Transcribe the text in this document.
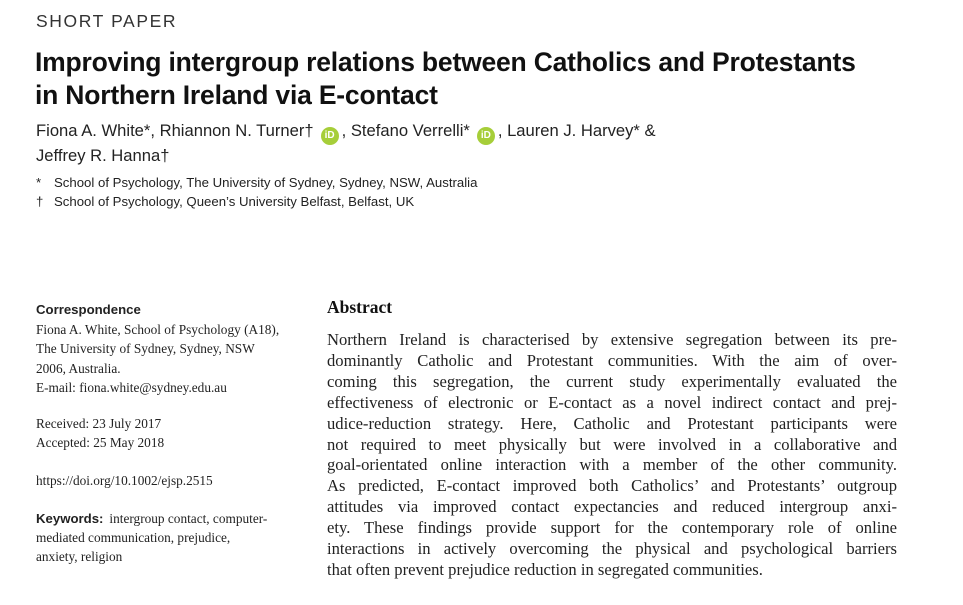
SHORT PAPER
Improving intergroup relations between Catholics and Protestants
in Northern Ireland via E-contact
Fiona A. White*, Rhiannon N. Turner† iD , Stefano Verrelli* iD , Lauren J. Harvey* &
Jeffrey R. Hanna†
* School of Psychology, The University of Sydney, Sydney, NSW, Australia
† School of Psychology, Queen’s University Belfast, Belfast, UK
Correspondence
Fiona A. White, School of Psychology (A18),
The University of Sydney, Sydney, NSW
2006, Australia.
E-mail: fiona.white@sydney.edu.au
Received: 23 July 2017
Accepted: 25 May 2018
https://doi.org/10.1002/ejsp.2515
Keywords: intergroup contact, computer-
mediated communication, prejudice,
anxiety, religion
Abstract
Northern Ireland is characterised by extensive segregation between its pre-
dominantly Catholic and Protestant communities. With the aim of over-
coming this segregation, the current study experimentally evaluated the
effectiveness of electronic or E-contact as a novel indirect contact and prej-
udice-reduction strategy. Here, Catholic and Protestant participants were
not required to meet physically but were involved in a collaborative and
goal-orientated online interaction with a member of the other community.
As predicted, E-contact improved both Catholics’ and Protestants’ outgroup
attitudes via improved contact expectancies and reduced intergroup anxi-
ety. These findings provide support for the contemporary role of online
interactions in actively overcoming the physical and psychological barriers
that often prevent prejudice reduction in segregated communities.
